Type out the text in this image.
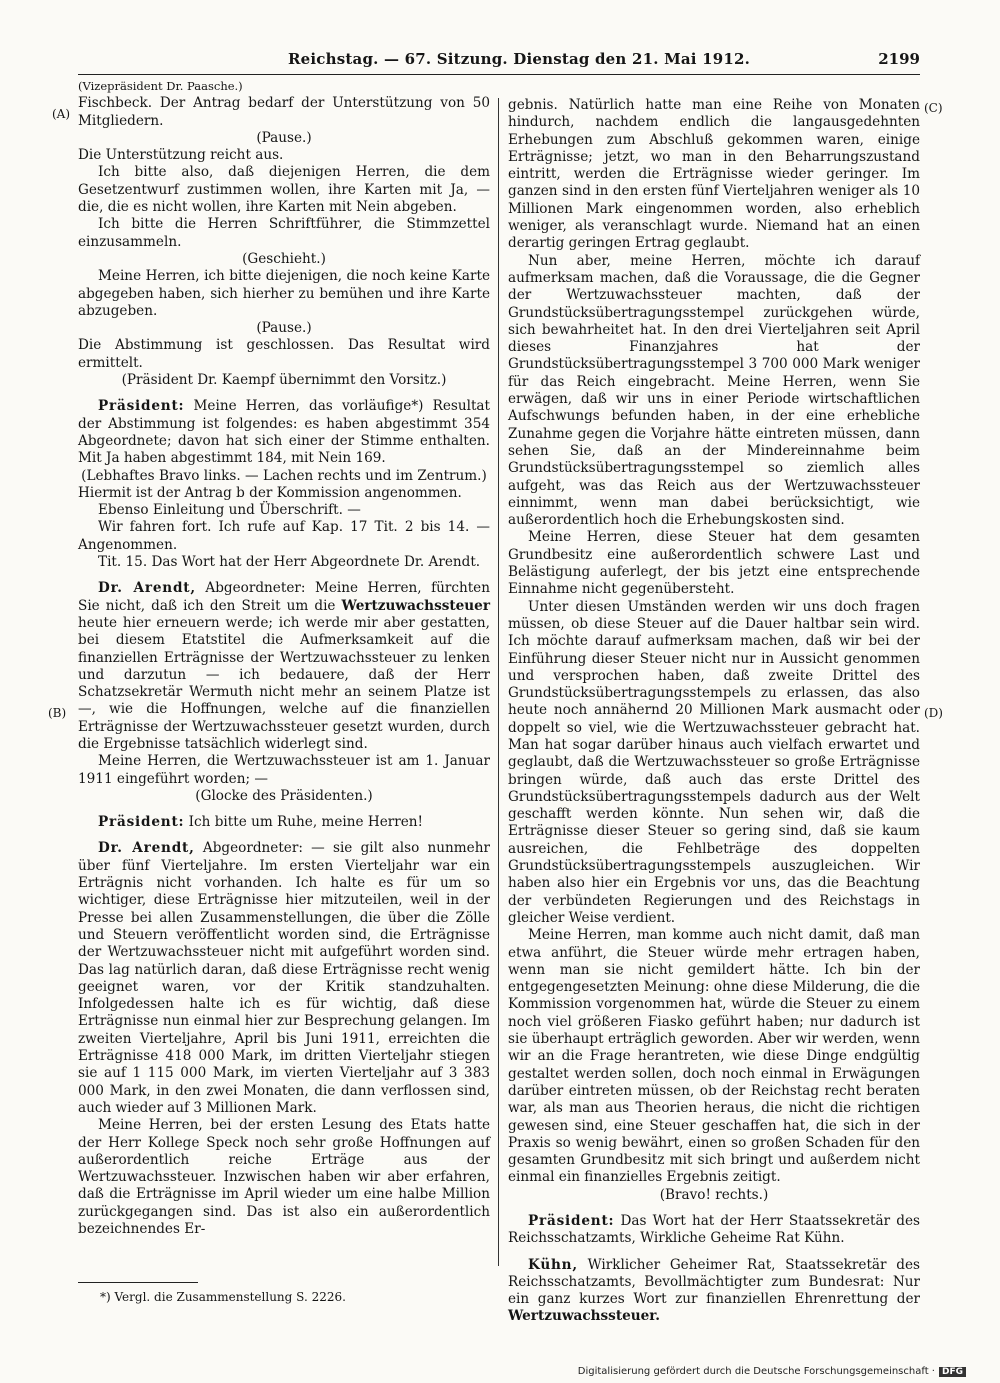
Reichstag. — 67. Sitzung. Dienstag den 21. Mai 1912.	2199
(A)
(B)
(C)
(D)

(Vizepräsident Dr. Paasche.)

Fischbeck. Der Antrag bedarf der Unterstützung von 50 Mitgliedern.

(Pause.)

Die Unterstützung reicht aus.

Ich bitte also, daß diejenigen Herren, die dem Gesetzentwurf zustimmen wollen, ihre Karten mit Ja, — die, die es nicht wollen, ihre Karten mit Nein abgeben.

Ich bitte die Herren Schriftführer, die Stimmzettel einzusammeln.

(Geschieht.)

Meine Herren, ich bitte diejenigen, die noch keine Karte abgegeben haben, sich hierher zu bemühen und ihre Karte abzugeben.

(Pause.)

Die Abstimmung ist geschlossen. Das Resultat wird ermittelt.

(Präsident Dr. Kaempf übernimmt den Vorsitz.)

Präsident: Meine Herren, das vorläufige*) Resultat der Abstimmung ist folgendes: es haben abgestimmt 354 Abgeordnete; davon hat sich einer der Stimme enthalten. Mit Ja haben abgestimmt 184, mit Nein 169.

(Lebhaftes Bravo links. — Lachen rechts und im Zentrum.)

Hiermit ist der Antrag b der Kommission angenommen.

Ebenso Einleitung und Überschrift. —

Wir fahren fort. Ich rufe auf Kap. 17 Tit. 2 bis 14. — Angenommen.

Tit. 15. Das Wort hat der Herr Abgeordnete Dr. Arendt.

Dr. Arendt, Abgeordneter: Meine Herren, fürchten Sie nicht, daß ich den Streit um die Wertzuwachssteuer heute hier erneuern werde; ich werde mir aber gestatten, bei diesem Etatstitel die Aufmerksamkeit auf die finanziellen Erträgnisse der Wertzuwachssteuer zu lenken und darzutun — ich bedauere, daß der Herr Schatzsekretär Wermuth nicht mehr an seinem Platze ist —, wie die Hoffnungen, welche auf die finanziellen Erträgnisse der Wertzuwachssteuer gesetzt wurden, durch die Ergebnisse tatsächlich widerlegt sind.

Meine Herren, die Wertzuwachssteuer ist am 1. Januar 1911 eingeführt worden; —

(Glocke des Präsidenten.)

Präsident: Ich bitte um Ruhe, meine Herren!

Dr. Arendt, Abgeordneter: — sie gilt also nunmehr über fünf Vierteljahre. Im ersten Vierteljahr war ein Erträgnis nicht vorhanden. Ich halte es für um so wichtiger, diese Erträgnisse hier mitzuteilen, weil in der Presse bei allen Zusammenstellungen, die über die Zölle und Steuern veröffentlicht worden sind, die Erträgnisse der Wertzuwachssteuer nicht mit aufgeführt worden sind. Das lag natürlich daran, daß diese Erträgnisse recht wenig geeignet waren, vor der Kritik standzuhalten. Infolgedessen halte ich es für wichtig, daß diese Erträgnisse nun einmal hier zur Besprechung gelangen. Im zweiten Vierteljahre, April bis Juni 1911, erreichten die Erträgnisse 418 000 Mark, im dritten Vierteljahr stiegen sie auf 1 115 000 Mark, im vierten Vierteljahr auf 3 383 000 Mark, in den zwei Monaten, die dann verflossen sind, auch wieder auf 3 Millionen Mark.

Meine Herren, bei der ersten Lesung des Etats hatte der Herr Kollege Speck noch sehr große Hoffnungen auf außerordentlich reiche Erträge aus der Wertzuwachssteuer. Inzwischen haben wir aber erfahren, daß die Erträgnisse im April wieder um eine halbe Million zurückgegangen sind. Das ist also ein außerordentlich bezeichnendes Er-

gebnis. Natürlich hatte man eine Reihe von Monaten hindurch, nachdem endlich die langausgedehnten Erhebungen zum Abschluß gekommen waren, einige Erträgnisse; jetzt, wo man in den Beharrungszustand eintritt, werden die Erträgnisse wieder geringer. Im ganzen sind in den ersten fünf Vierteljahren weniger als 10 Millionen Mark eingenommen worden, also erheblich weniger, als veranschlagt wurde. Niemand hat an einen derartig geringen Ertrag geglaubt.

Nun aber, meine Herren, möchte ich darauf aufmerksam machen, daß die Voraussage, die die Gegner der Wertzuwachssteuer machten, daß der Grundstücksübertragungsstempel zurückgehen würde, sich bewahrheitet hat. In den drei Vierteljahren seit April dieses Finanzjahres hat der Grundstücksübertragungsstempel 3 700 000 Mark weniger für das Reich eingebracht. Meine Herren, wenn Sie erwägen, daß wir uns in einer Periode wirtschaftlichen Aufschwungs befunden haben, in der eine erhebliche Zunahme gegen die Vorjahre hätte eintreten müssen, dann sehen Sie, daß an der Mindereinnahme beim Grundstücksübertragungsstempel so ziemlich alles aufgeht, was das Reich aus der Wertzuwachssteuer einnimmt, wenn man dabei berücksichtigt, wie außerordentlich hoch die Erhebungskosten sind.

Meine Herren, diese Steuer hat dem gesamten Grundbesitz eine außerordentlich schwere Last und Belästigung auferlegt, der bis jetzt eine entsprechende Einnahme nicht gegenübersteht.

Unter diesen Umständen werden wir uns doch fragen müssen, ob diese Steuer auf die Dauer haltbar sein wird. Ich möchte darauf aufmerksam machen, daß wir bei der Einführung dieser Steuer nicht nur in Aussicht genommen und versprochen haben, daß zweite Drittel des Grundstücksübertragungsstempels zu erlassen, das also heute noch annähernd 20 Millionen Mark ausmacht oder doppelt so viel, wie die Wertzuwachssteuer gebracht hat. Man hat sogar darüber hinaus auch vielfach erwartet und geglaubt, daß die Wertzuwachssteuer so große Erträgnisse bringen würde, daß auch das erste Drittel des Grundstücksübertragungsstempels dadurch aus der Welt geschafft werden könnte. Nun sehen wir, daß die Erträgnisse dieser Steuer so gering sind, daß sie kaum ausreichen, die Fehlbeträge des doppelten Grundstücksübertragungsstempels auszugleichen. Wir haben also hier ein Ergebnis vor uns, das die Beachtung der verbündeten Regierungen und des Reichstags in gleicher Weise verdient.

Meine Herren, man komme auch nicht damit, daß man etwa anführt, die Steuer würde mehr ertragen haben, wenn man sie nicht gemildert hätte. Ich bin der entgegengesetzten Meinung: ohne diese Milderung, die die Kommission vorgenommen hat, würde die Steuer zu einem noch viel größeren Fiasko geführt haben; nur dadurch ist sie überhaupt erträglich geworden. Aber wir werden, wenn wir an die Frage herantreten, wie diese Dinge endgültig gestaltet werden sollen, doch noch einmal in Erwägungen darüber eintreten müssen, ob der Reichstag recht beraten war, als man aus Theorien heraus, die nicht die richtigen gewesen sind, eine Steuer geschaffen hat, die sich in der Praxis so wenig bewährt, einen so großen Schaden für den gesamten Grundbesitz mit sich bringt und außerdem nicht einmal ein finanzielles Ergebnis zeitigt.

(Bravo! rechts.)

Präsident: Das Wort hat der Herr Staatssekretär des Reichsschatzamts, Wirkliche Geheime Rat Kühn.

Kühn, Wirklicher Geheimer Rat, Staatssekretär des Reichsschatzamts, Bevollmächtigter zum Bundesrat: Nur ein ganz kurzes Wort zur finanziellen Ehrenrettung der Wertzuwachssteuer.

*) Vergl. die Zusammenstellung S. 2226.
Digitalisierung gefördert durch die Deutsche Forschungsgemeinschaft · DFG
